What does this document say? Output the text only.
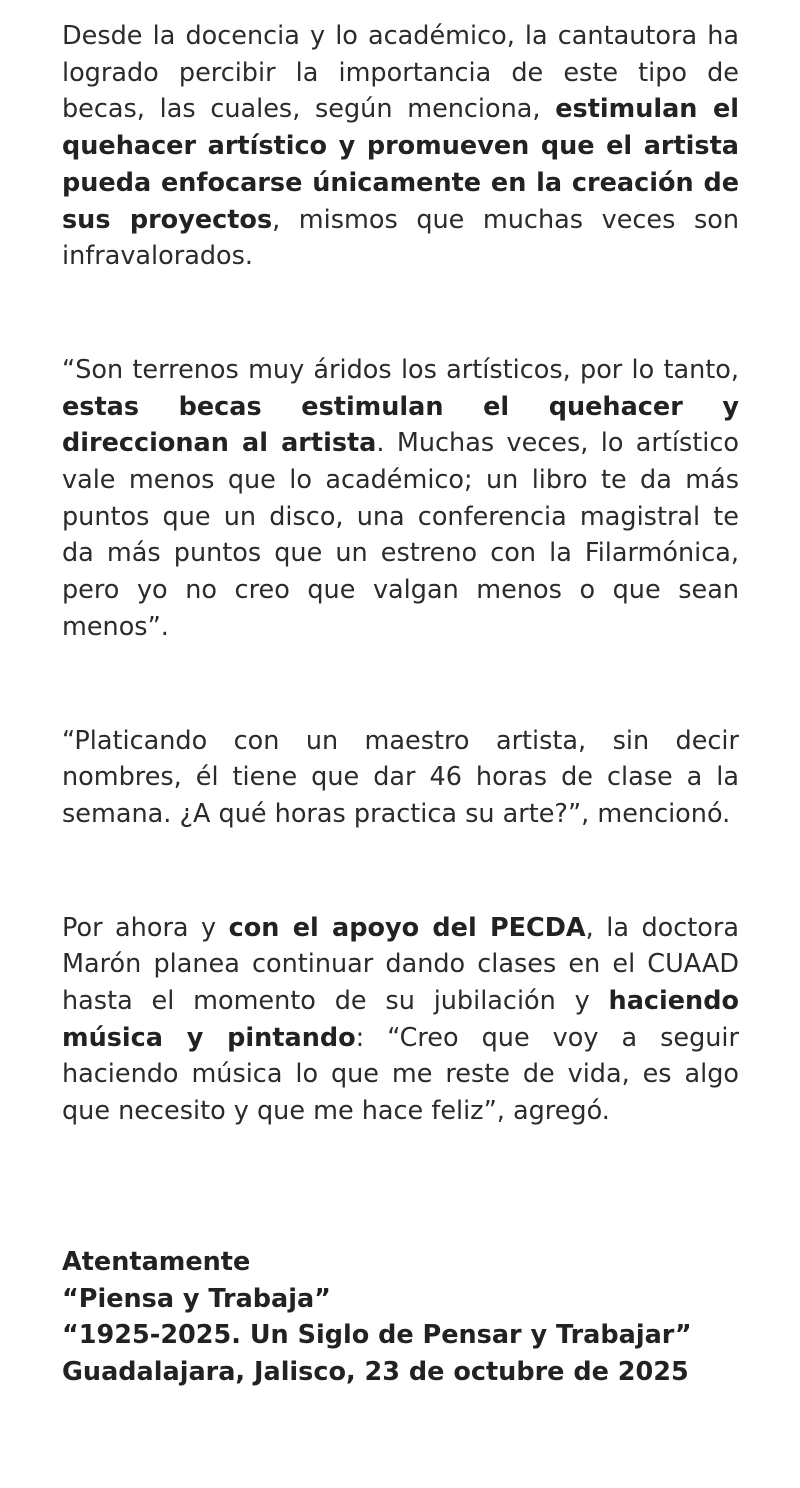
Desde la docencia y lo académico, la cantautora ha logrado percibir la importancia de este tipo de becas, las cuales, según menciona, estimulan el quehacer artístico y promueven que el artista pueda enfocarse únicamente en la creación de sus proyectos, mismos que muchas veces son infravalorados.

“Son terrenos muy áridos los artísticos, por lo tanto, estas becas estimulan el quehacer y direccionan al artista. Muchas veces, lo artístico vale menos que lo académico; un libro te da más puntos que un disco, una conferencia magistral te da más puntos que un estreno con la Filarmónica, pero yo no creo que valgan menos o que sean menos”.

“Platicando con un maestro artista, sin decir nombres, él tiene que dar 46 horas de clase a la semana. ¿A qué horas practica su arte?”, mencionó.

Por ahora y con el apoyo del PECDA, la doctora Marón planea continuar dando clases en el CUAAD hasta el momento de su jubilación y haciendo música y pintando: “Creo que voy a seguir haciendo música lo que me reste de vida, es algo que necesito y que me hace feliz”, agregó.

Atentamente
“Piensa y Trabaja”
“1925-2025. Un Siglo de Pensar y Trabajar”
Guadalajara, Jalisco, 23 de octubre de 2025
